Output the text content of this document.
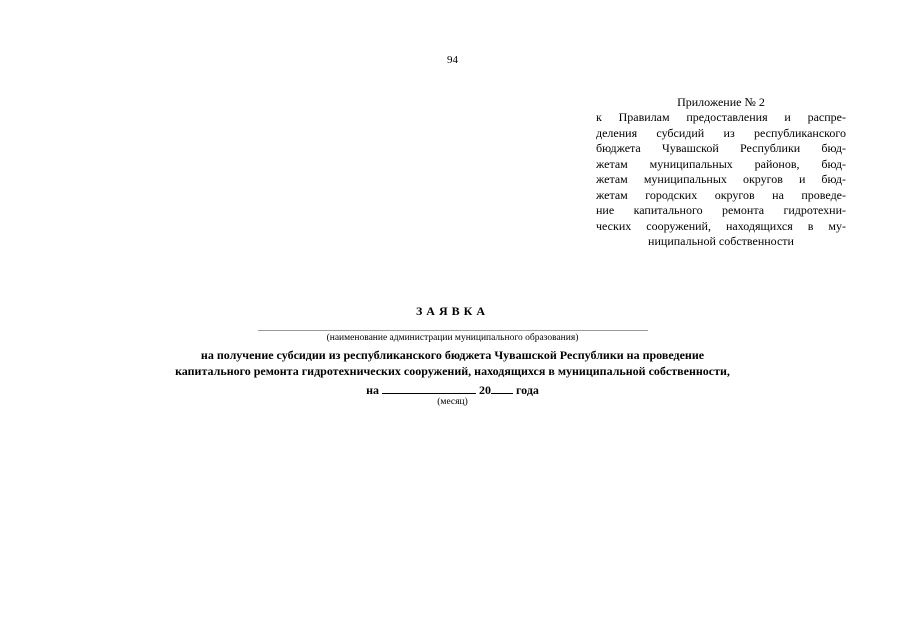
94
Приложение № 2
к Правилам предоставления и распре-
деления субсидий из республиканского
бюджета Чувашской Республики бюд-
жетам муниципальных районов, бюд-
жетам муниципальных округов и бюд-
жетам городских округов на проведе-
ние капитального ремонта гидротехни-
ческих сооружений, находящихся в му-
ниципальной собственности
ЗАЯВКА
(наименование администрации муниципального образования)
на получение субсидии из республиканского бюджета Чувашской Республики на проведение
капитального ремонта гидротехнических сооружений, находящихся в муниципальной собственности,
на	20 года
(месяц)
